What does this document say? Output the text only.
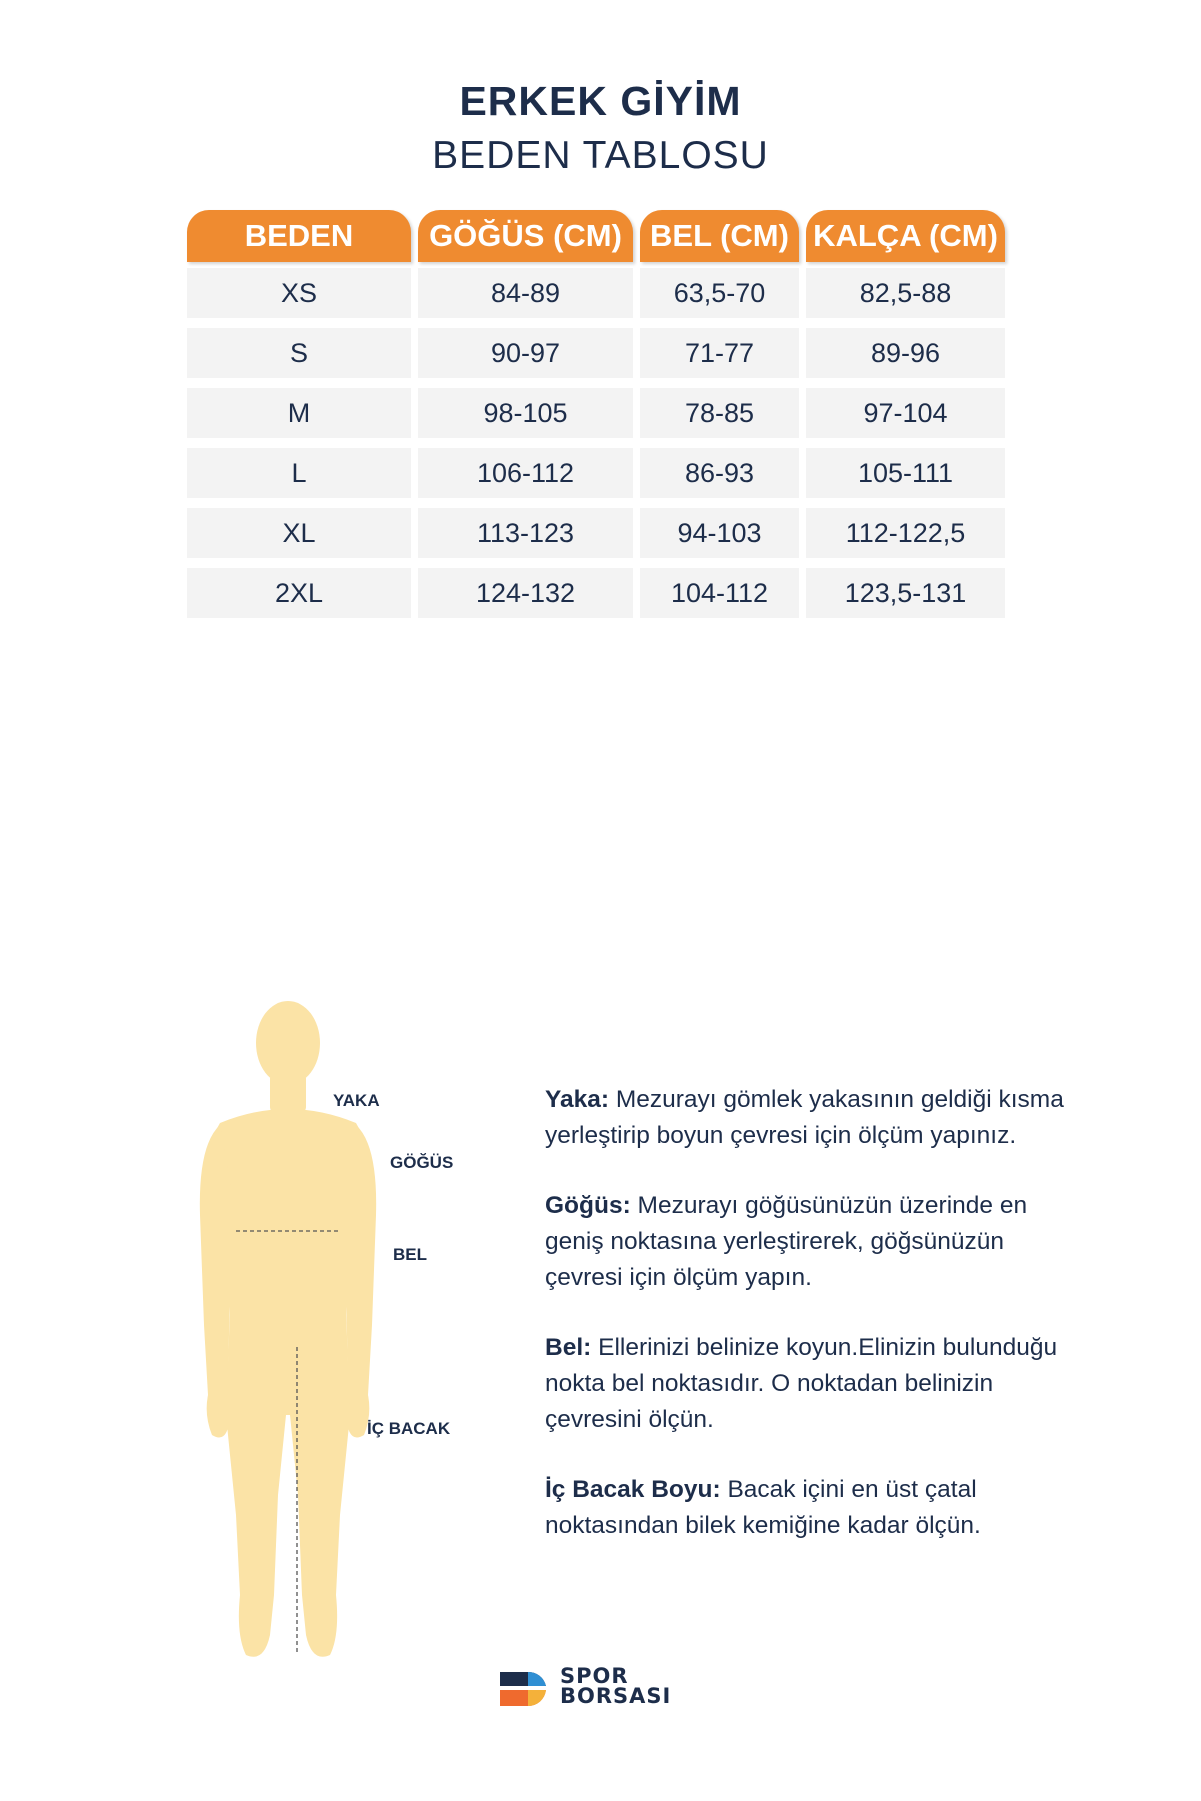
ERKEK GİYİM
BEDEN TABLOSU
BEDEN	GÖĞÜS (CM) BEL (CM) KALÇA (CM)
XS	84-89	63,5-70	82,5-88
S	90-97	71-77	89-96
M	98-105	78-85	97-104
L	106-112	86-93	105-111
XL	113-123	94-103	112-122,5
2XL	124-132	104-112	123,5-131
YAKA
GÖĞÜS
BEL
İÇ BACAK

Yaka: Mezurayı gömlek yakasının geldiği kısma yerleştirip boyun çevresi için ölçüm yapınız.

Göğüs: Mezurayı göğüsünüzün üzerinde en geniş noktasına yerleştirerek, göğsünüzün çevresi için ölçüm yapın.

Bel: Ellerinizi belinize koyun.Elinizin bulunduğu nokta bel noktasıdır. O noktadan belinizin çevresini ölçün.

İç Bacak Boyu: Bacak içini en üst çatal noktasından bilek kemiğine kadar ölçün.

SPOR
BORSASI
